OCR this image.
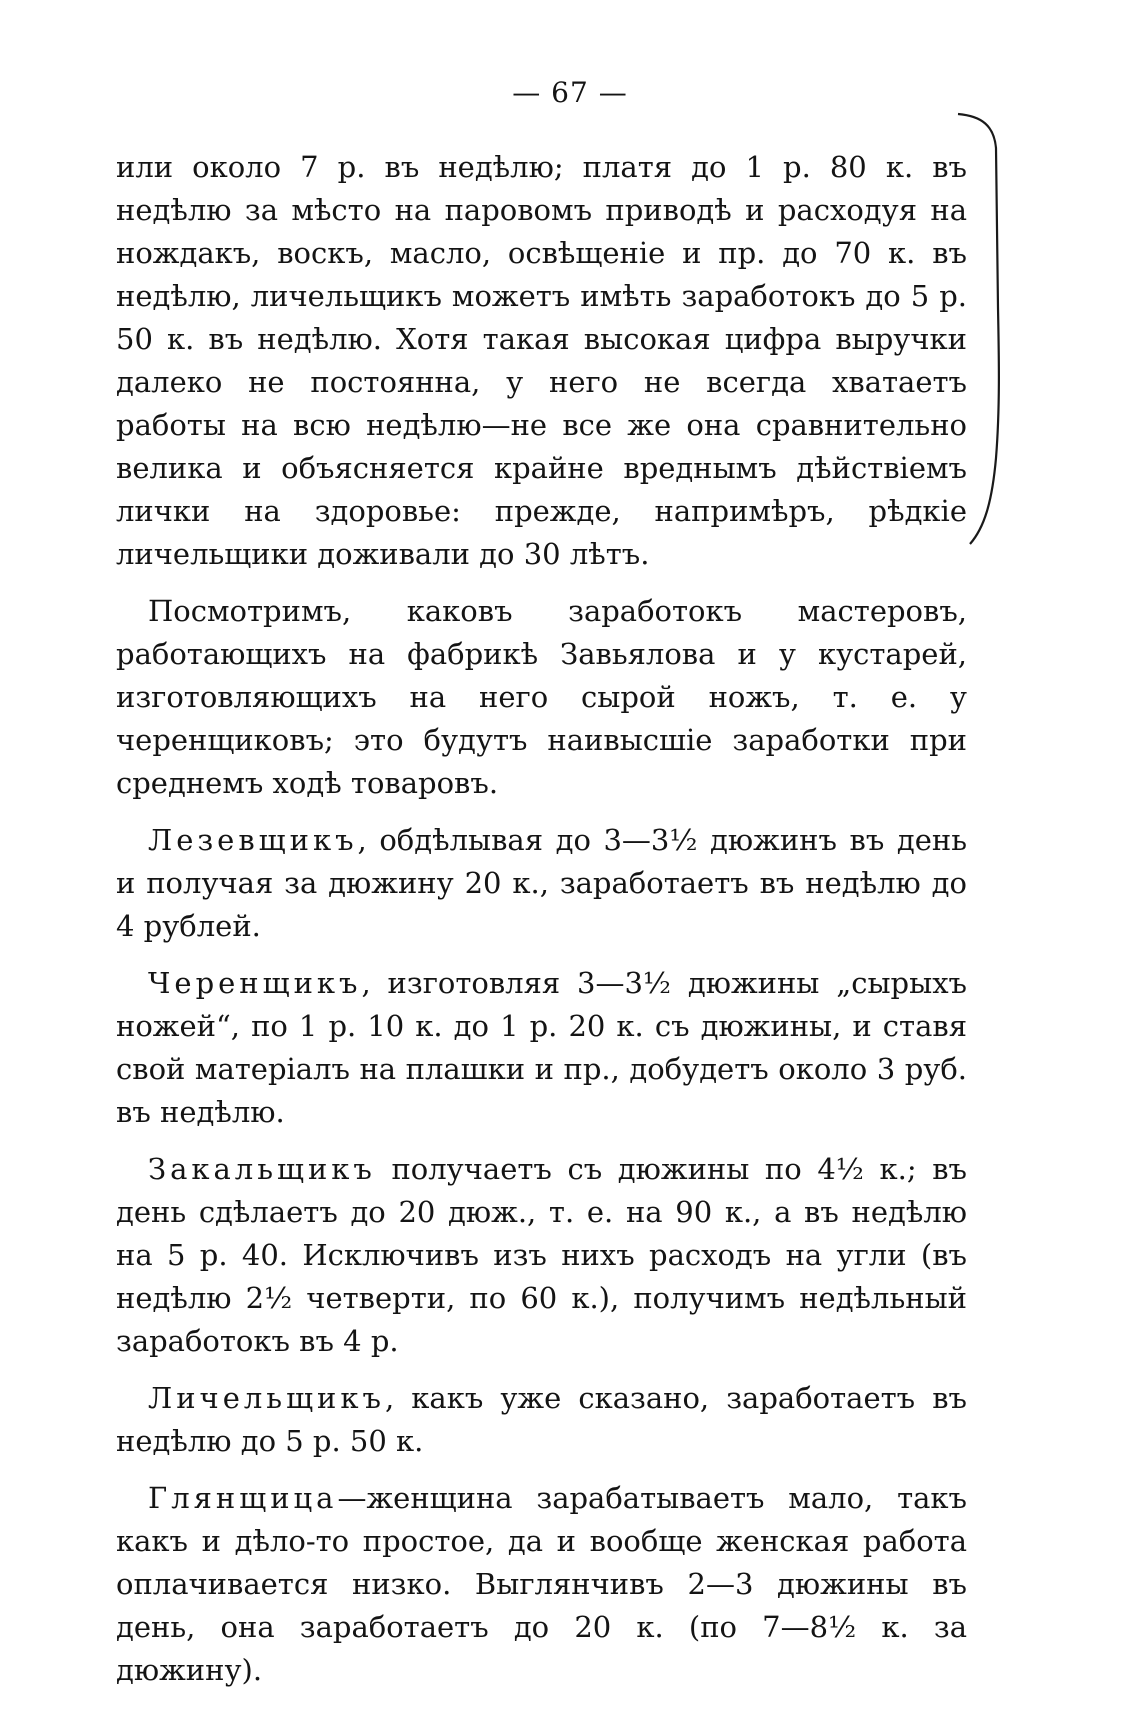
— 67 —

или около 7 р. въ недѣлю; платя до 1 р. 80 к. въ недѣлю за мѣсто на паровомъ приводѣ и расходуя на нождакъ, воскъ, масло, освѣщеніе и пр. до 70 к. въ недѣлю, личельщикъ можетъ имѣть заработокъ до 5 р. 50 к. въ недѣлю. Хотя такая высокая цифра выручки далеко не постоянна, у него не всегда хватаетъ работы на всю недѣлю—не все же она сравнительно велика и объясняется крайне вреднымъ дѣйствіемъ лички на здоровье: прежде, напримѣръ, рѣдкіе личельщики доживали до 30 лѣтъ.

Посмотримъ, каковъ заработокъ мастеровъ, работающихъ на фабрикѣ Завьялова и у кустарей, изготовляющихъ на него сырой ножъ, т. е. у черенщиковъ; это будутъ наивысшіе заработки при среднемъ ходѣ товаровъ.

Лезевщикъ, обдѣлывая до 3—3½ дюжинъ въ день и получая за дюжину 20 к., заработаетъ въ недѣлю до 4 рублей.

Черенщикъ, изготовляя 3—3½ дюжины „сырыхъ ножей“, по 1 р. 10 к. до 1 р. 20 к. съ дюжины, и ставя свой матеріалъ на плашки и пр., добудетъ около 3 руб. въ недѣлю.

Закальщикъ получаетъ съ дюжины по 4½ к.; въ день сдѣлаетъ до 20 дюж., т. е. на 90 к., а въ недѣлю на 5 р. 40. Исключивъ изъ нихъ расходъ на угли (въ недѣлю 2½ четверти, по 60 к.), получимъ недѣльный заработокъ въ 4 р.

Личельщикъ, какъ уже сказано, заработаетъ въ недѣлю до 5 р. 50 к.

Глянщица—женщина зарабатываетъ мало, такъ какъ и дѣло-то простое, да и вообще женская работа оплачивается низко. Выглянчивъ 2—3 дюжины въ день, она заработаетъ до 20 к. (по 7—8½ к. за дюжину).
